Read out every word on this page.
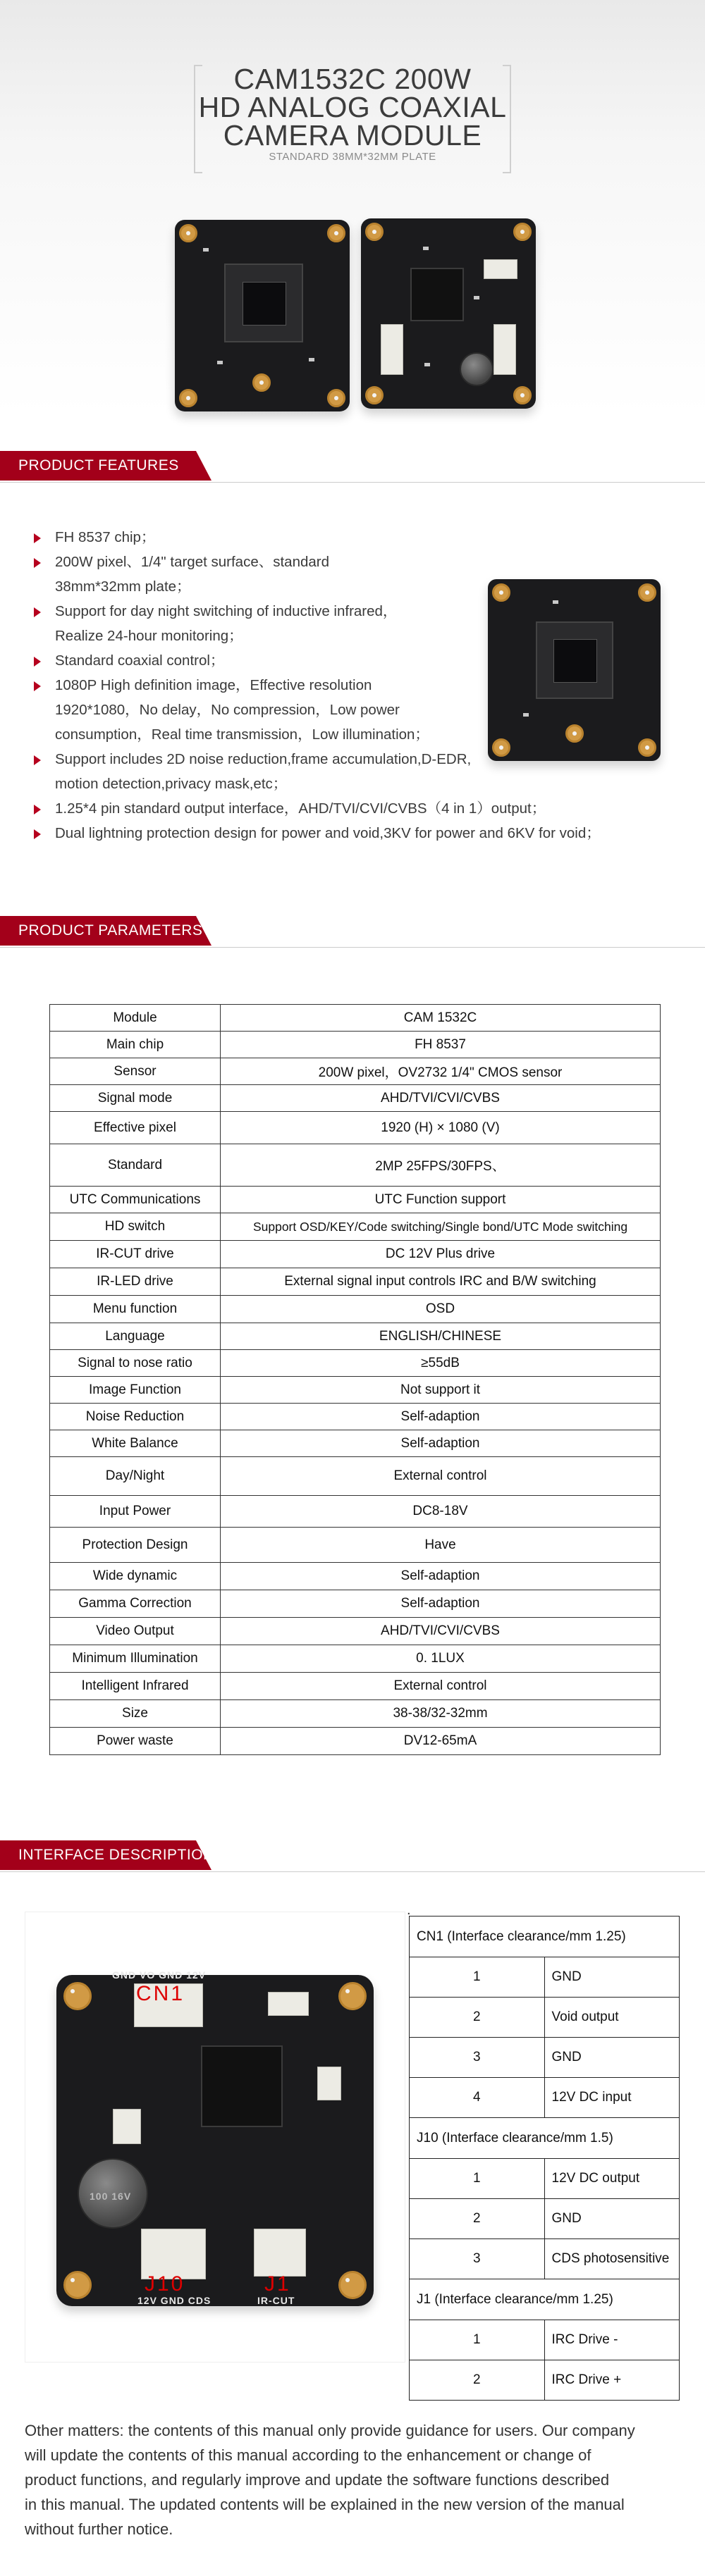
CAM1532C 200W
HD ANALOG COAXIAL
CAMERA MODULE
STANDARD 38MM*32MM PLATE
PRODUCT FEATURES
FH 8537 chip；
200W pixel、1/4" target surface、standard
38mm*32mm plate；
Support for day night switching of inductive infrared，
Realize 24-hour monitoring；
Standard coaxial control；
1080P High definition image，Effective resolution
1920*1080，No delay，No compression，Low power
consumption，Real time transmission，Low illumination；
Support includes 2D noise reduction,frame accumulation,D-EDR,
motion detection,privacy mask,etc；
1.25*4 pin standard output interface，AHD/TVI/CVI/CVBS（4 in 1）output；
Dual lightning protection design for power and void,3KV for power and 6KV for void；
PRODUCT PARAMETERS
Module	CAM 1532C
Main chip	FH 8537
Sensor	200W pixel，OV2732 1/4" CMOS sensor
Signal mode	AHD/TVI/CVI/CVBS
Effective pixel	1920 (H) × 1080 (V)
Standard	2MP 25FPS/30FPS、
UTC Communications	UTC Function support
HD switch	Support OSD/KEY/Code switching/Single bond/UTC Mode switching
IR-CUT drive	DC 12V Plus drive
IR-LED drive	External signal input controls IRC and B/W switching
Menu function	OSD
Language	ENGLISH/CHINESE
Signal to nose ratio	≥55dB
Image Function	Not support it
Noise Reduction	Self-adaption
White Balance	Self-adaption
Day/Night	External control
Input Power	DC8-18V
Protection Design	Have
Wide dynamic	Self-adaption
Gamma Correction	Self-adaption
Video Output	AHD/TVI/CVI/CVBS
Minimum Illumination	0. 1LUX
Intelligent Infrared	External control
Size	38-38/32-32mm
Power waste	DV12-65mA
INTERFACE DESCRIPTION
.
GND VO GND 12V
CN1
100 16V
J10
12V GND CDS
J1
IR-CUT
CN1 (Interface clearance/mm 1.25)	
1	GND
2	Void output
3	GND
4	12V DC input
J10 (Interface clearance/mm 1.5)	
1	12V DC output
2	GND
3	CDS photosensitive
J1 (Interface clearance/mm 1.25)	
1	IRC Drive -
2	IRC Drive +
Other matters: the contents of this manual only provide guidance for users. Our company
will update the contents of this manual according to the enhancement or change of
product functions, and regularly improve and update the software functions described
in this manual. The updated contents will be explained in the new version of the manual
without further notice.
